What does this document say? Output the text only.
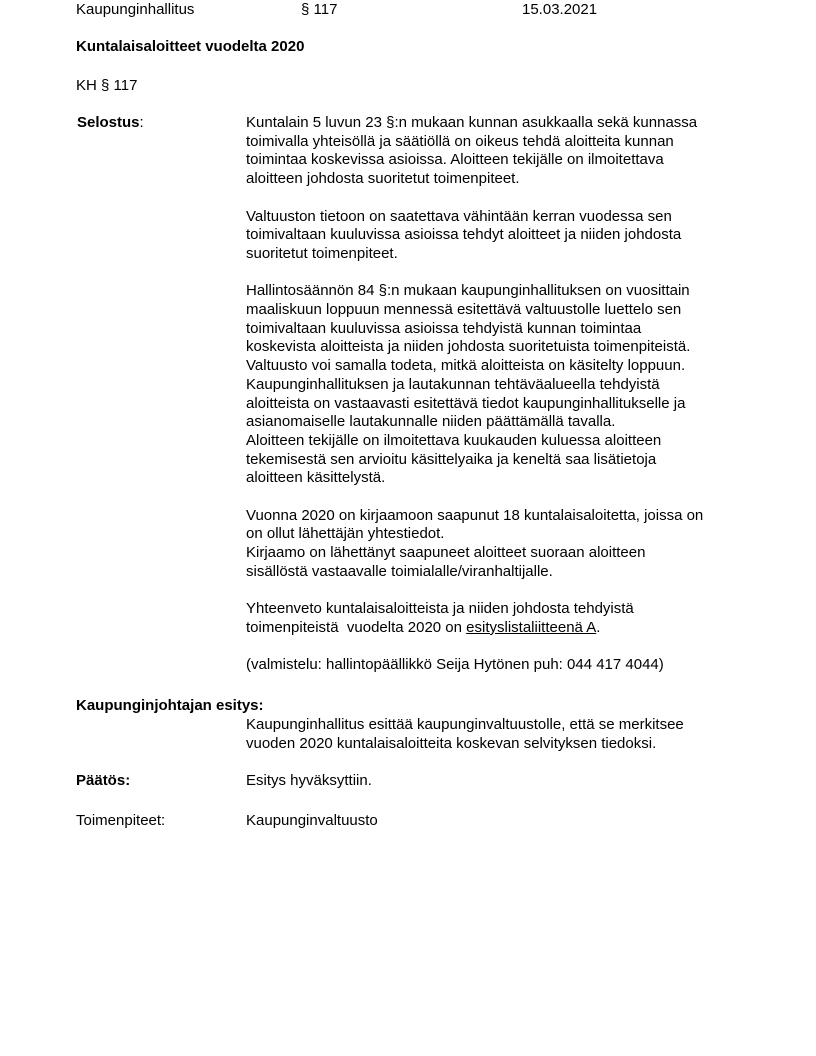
Kaupunginhallitus	§ 117	15.03.2021
Kuntalaisaloitteet vuodelta 2020
KH § 117
Selostus:	Kuntalain 5 luvun 23 §:n mukaan kunnan asukkaalla sekä kunnassa
toimivalla yhteisöllä ja säätiöllä on oikeus tehdä aloitteita kunnan
toimintaa koskevissa asioissa. Aloitteen tekijälle on ilmoitettava
aloitteen johdosta suoritetut toimenpiteet.
Valtuuston tietoon on saatettava vähintään kerran vuodessa sen
toimivaltaan kuuluvissa asioissa tehdyt aloitteet ja niiden johdosta
suoritetut toimenpiteet.
Hallintosäännön 84 §:n mukaan kaupunginhallituksen on vuosittain
maaliskuun loppuun mennessä esitettävä valtuustolle luettelo sen
toimivaltaan kuuluvissa asioissa tehdyistä kunnan toimintaa
koskevista aloitteista ja niiden johdosta suoritetuista toimenpiteistä.
Valtuusto voi samalla todeta, mitkä aloitteista on käsitelty loppuun.
Kaupunginhallituksen ja lautakunnan tehtäväalueella tehdyistä
aloitteista on vastaavasti esitettävä tiedot kaupunginhallitukselle ja
asianomaiselle lautakunnalle niiden päättämällä tavalla.
Aloitteen tekijälle on ilmoitettava kuukauden kuluessa aloitteen
tekemisestä sen arvioitu käsittelyaika ja keneltä saa lisätietoja
aloitteen käsittelystä.
Vuonna 2020 on kirjaamoon saapunut 18 kuntalaisaloitetta, joissa on
on ollut lähettäjän yhtestiedot.
Kirjaamo on lähettänyt saapuneet aloitteet suoraan aloitteen
sisällöstä vastaavalle toimialalle/viranhaltijalle.
Yhteenveto kuntalaisaloitteista ja niiden johdosta tehdyistä
toimenpiteistä  vuodelta 2020 on esityslistaliitteenä A.
(valmistelu: hallintopäällikkö Seija Hytönen puh: 044 417 4044)
Kaupunginjohtajan esitys:
Kaupunginhallitus esittää kaupunginvaltuustolle, että se merkitsee
vuoden 2020 kuntalaisaloitteita koskevan selvityksen tiedoksi.
Päätös:	Esitys hyväksyttiin.
Toimenpiteet:	Kaupunginvaltuusto
